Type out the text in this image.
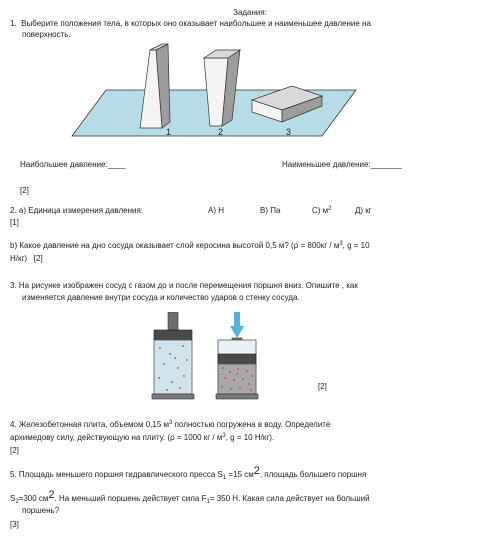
Задания:
1. Выберите положения тела, в которых оно оказывает наибольшее и наименьшее давление на
поверхность.
1	2	3
Наибольшее давление:____	Наименьшее давление:_______
[2]
2. а) Единица измерения давления:	А) Н	В) Па	С) $м^2$	Д) кг
[1]
b) Какое давление на дно сосуда оказывает слой керосина высотой 0,5 м? ($\rho = 800кг / м^3$, g = 10
Н/кг) [2]
3. На рисунке изображен сосуд с газом до и после перемещения поршня вниз. Опишите , как
изменяется давление внутри сосуда и количество ударов о стенку сосуда.
[2]
4. Железобетонная плита, объемом 0,15 $м^3$ полностью погружена в воду. Определите
архимедову силу, действующую на плиту. (ρ = 1000 кг / $м^3$, g = 10 Н/кг).
[2]
5. Площадь меньшего поршня гидравлического пресса $S_1 =15$ $см^2$, площадь большего поршня
$S_2=300$ $см^2$. На меньший поршень действует сила $F_1= 350$ Н. Какая сила действует на больший
поршень?
[3]
